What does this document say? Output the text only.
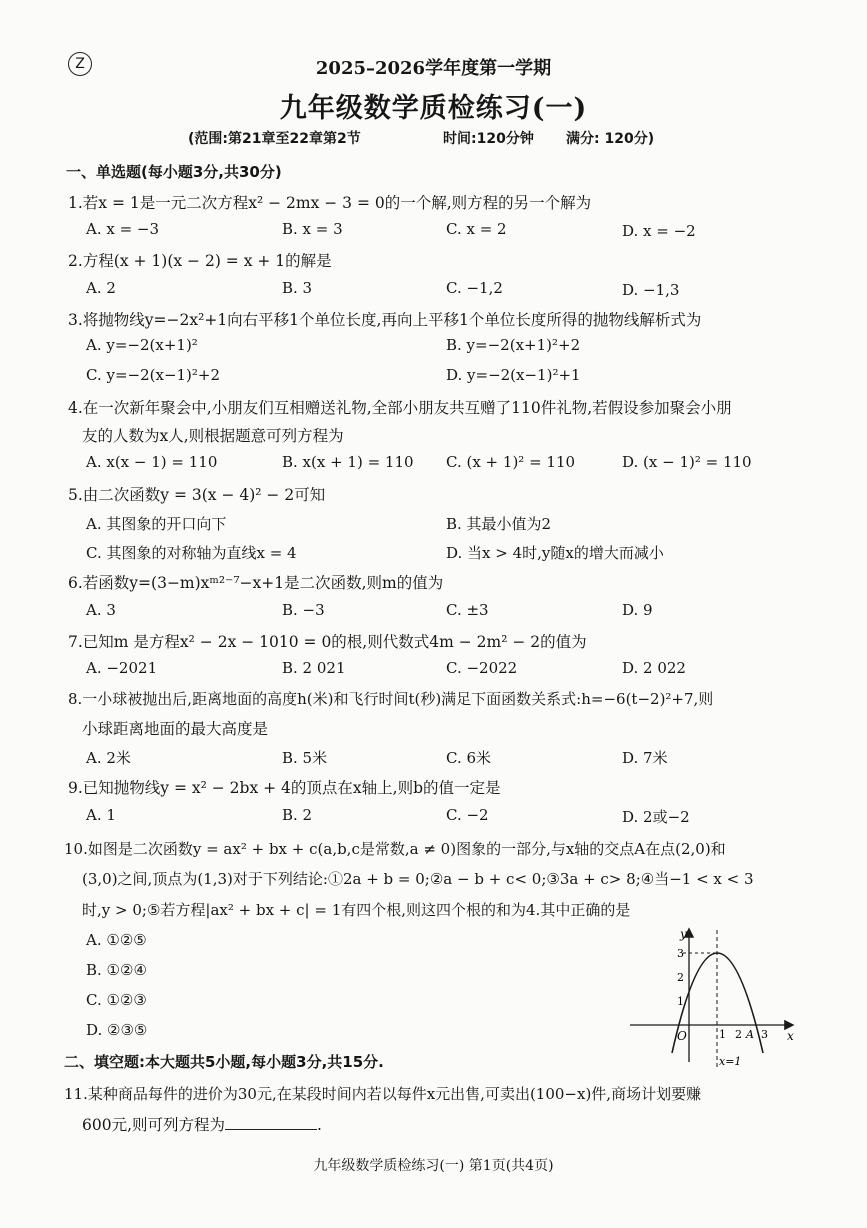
Z	2025–2026学年度第一学期
九年级数学质检练习(一)
(范围:第21章至22章第2节	时间:120分钟 满分: 120分)
一、单选题(每小题3分,共30分)
1.若x = 1是一元二次方程x² − 2mx − 3 = 0的一个解,则方程的另一个解为
A. x = −3	B. x = 3	C. x = 2	D. x = −2
2.方程(x + 1)(x − 2) = x + 1的解是
A. 2	B. 3	C. −1,2	D. −1,3
3.将抛物线y=−2x²+1向右平移1个单位长度,再向上平移1个单位长度所得的抛物线解析式为
A. y=−2(x+1)²	B. y=−2(x+1)²+2
C. y=−2(x−1)²+2	D. y=−2(x−1)²+1
4.在一次新年聚会中,小朋友们互相赠送礼物,全部小朋友共互赠了110件礼物,若假设参加聚会小朋
友的人数为x人,则根据题意可列方程为
A. x(x − 1) = 110	B. x(x + 1) = 110 C. (x + 1)² = 110	D. (x − 1)² = 110
5.由二次函数y = 3(x − 4)² − 2可知
A. 其图象的开口向下	B. 其最小值为2
C. 其图象的对称轴为直线x = 4	D. 当x > 4时,y随x的增大而减小
6.若函数y=(3−m)xᵐ²⁻⁷−x+1是二次函数,则m的值为
A. 3	B. −3	C. ±3	D. 9
7.已知m 是方程x² − 2x − 1010 = 0的根,则代数式4m − 2m² − 2的值为
A. −2021	B. 2 021	C. −2022	D. 2 022
8.一小球被抛出后,距离地面的高度h(米)和飞行时间t(秒)满足下面函数关系式:h=−6(t−2)²+7,则
小球距离地面的最大高度是
A. 2米	B. 5米	C. 6米	D. 7米
9.已知抛物线y = x² − 2bx + 4的顶点在x轴上,则b的值一定是
A. 1	B. 2	C. −2	D. 2或−2
10.如图是二次函数y = ax² + bx + c(a,b,c是常数,a ≠ 0)图象的一部分,与x轴的交点A在点(2,0)和
(3,0)之间,顶点为(1,3)对于下列结论:①2a + b = 0;②a − b + c< 0;③3a + c> 8;④当−1 < x < 3
时,y > 0;⑤若方程|ax² + bx + c| = 1有四个根,则这四个根的和为4.其中正确的是
A. ①②⑤
B. ①②④
C. ①②③
D. ②③⑤
y
x
O
3
2
1
1 2 A 3
x=1
二、填空题:本大题共5小题,每小题3分,共15分.
11.某种商品每件的进价为30元,在某段时间内若以每件x元出售,可卖出(100−x)件,商场计划要赚
600元,则可列方程为	.
九年级数学质检练习(一) 第1页(共4页)
